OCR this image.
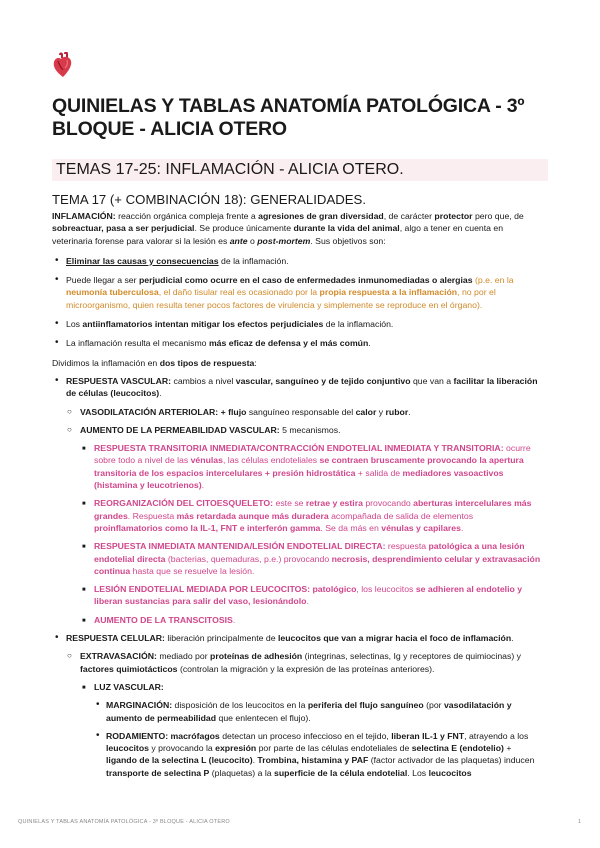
QUINIELAS Y TABLAS ANATOMÍA PATOLÓGICA - 3º BLOQUE - ALICIA OTERO
TEMAS 17-25: INFLAMACIÓN - ALICIA OTERO.
TEMA 17 (+ COMBINACIÓN 18): GENERALIDADES.

INFLAMACIÓN: reacción orgánica compleja frente a agresiones de gran diversidad, de carácter protector pero que, de sobreactuar, pasa a ser perjudicial. Se produce únicamente durante la vida del animal, algo a tener en cuenta en veterinaria forense para valorar si la lesión es ante o post-mortem. Sus objetivos son:

• Eliminar las causas y consecuencias de la inflamación.
• Puede llegar a ser perjudicial como ocurre en el caso de enfermedades inmunomediadas o alergias (p.e. en la neumonía tuberculosa, el daño tisular real es ocasionado por la propia respuesta a la inflamación, no por el microorganismo, quien resulta tener pocos factores de virulencia y simplemente se reproduce en el órgano).
• Los antiinflamatorios intentan mitigar los efectos perjudiciales de la inflamación.
• La inflamación resulta el mecanismo más eficaz de defensa y el más común.

Dividimos la inflamación en dos tipos de respuesta:

• RESPUESTA VASCULAR: cambios a nivel vascular, sanguíneo y de tejido conjuntivo que van a facilitar la liberación de células (leucocitos).
○ VASODILATACIÓN ARTERIOLAR: + flujo sanguíneo responsable del calor y rubor.
○ AUMENTO DE LA PERMEABILIDAD VASCULAR: 5 mecanismos.
■ RESPUESTA TRANSITORIA INMEDIATA/CONTRACCIÓN ENDOTELIAL INMEDIATA Y TRANSITORIA: ocurre sobre todo a nivel de las vénulas, las células endoteliales se contraen bruscamente provocando la apertura transitoria de los espacios intercelulares + presión hidrostática + salida de mediadores vasoactivos (histamina y leucotrienos).
■ REORGANIZACIÓN DEL CITOESQUELETO: este se retrae y estira provocando aberturas intercelulares más grandes. Respuesta más retardada aunque más duradera acompañada de salida de elementos proinflamatorios como la IL-1, FNT e interferón gamma. Se da más en vénulas y capilares.
■ RESPUESTA INMEDIATA MANTENIDA/LESIÓN ENDOTELIAL DIRECTA: respuesta patológica a una lesión endotelial directa (bacterias, quemaduras, p.e.) provocando necrosis, desprendimiento celular y extravasación continua hasta que se resuelve la lesión.
■ LESIÓN ENDOTELIAL MEDIADA POR LEUCOCITOS: patológico, los leucocitos se adhieren al endotelio y liberan sustancias para salir del vaso, lesionándolo.
■ AUMENTO DE LA TRANSCITOSIS.
• RESPUESTA CELULAR: liberación principalmente de leucocitos que van a migrar hacia el foco de inflamación.
○ EXTRAVASACIÓN: mediado por proteínas de adhesión (integrinas, selectinas, Ig y receptores de quimiocinas) y factores quimiotácticos (controlan la migración y la expresión de las proteínas anteriores).
■ LUZ VASCULAR:
• MARGINACIÓN: disposición de los leucocitos en la periferia del flujo sanguíneo (por vasodilatación y aumento de permeabilidad que enlentecen el flujo).
• RODAMIENTO: macrófagos detectan un proceso infeccioso en el tejido, liberan IL-1 y FNT, atrayendo a los leucocitos y provocando la expresión por parte de las células endoteliales de selectina E (endotelio) + ligando de la selectina L (leucocito). Trombina, histamina y PAF (factor activador de las plaquetas) inducen transporte de selectina P (plaquetas) a la superficie de la célula endotelial. Los leucocitos
QUINIELAS Y TABLAS ANATOMÍA PATOLÓGICA - 3º BLOQUE - ALICIA OTERO	1
